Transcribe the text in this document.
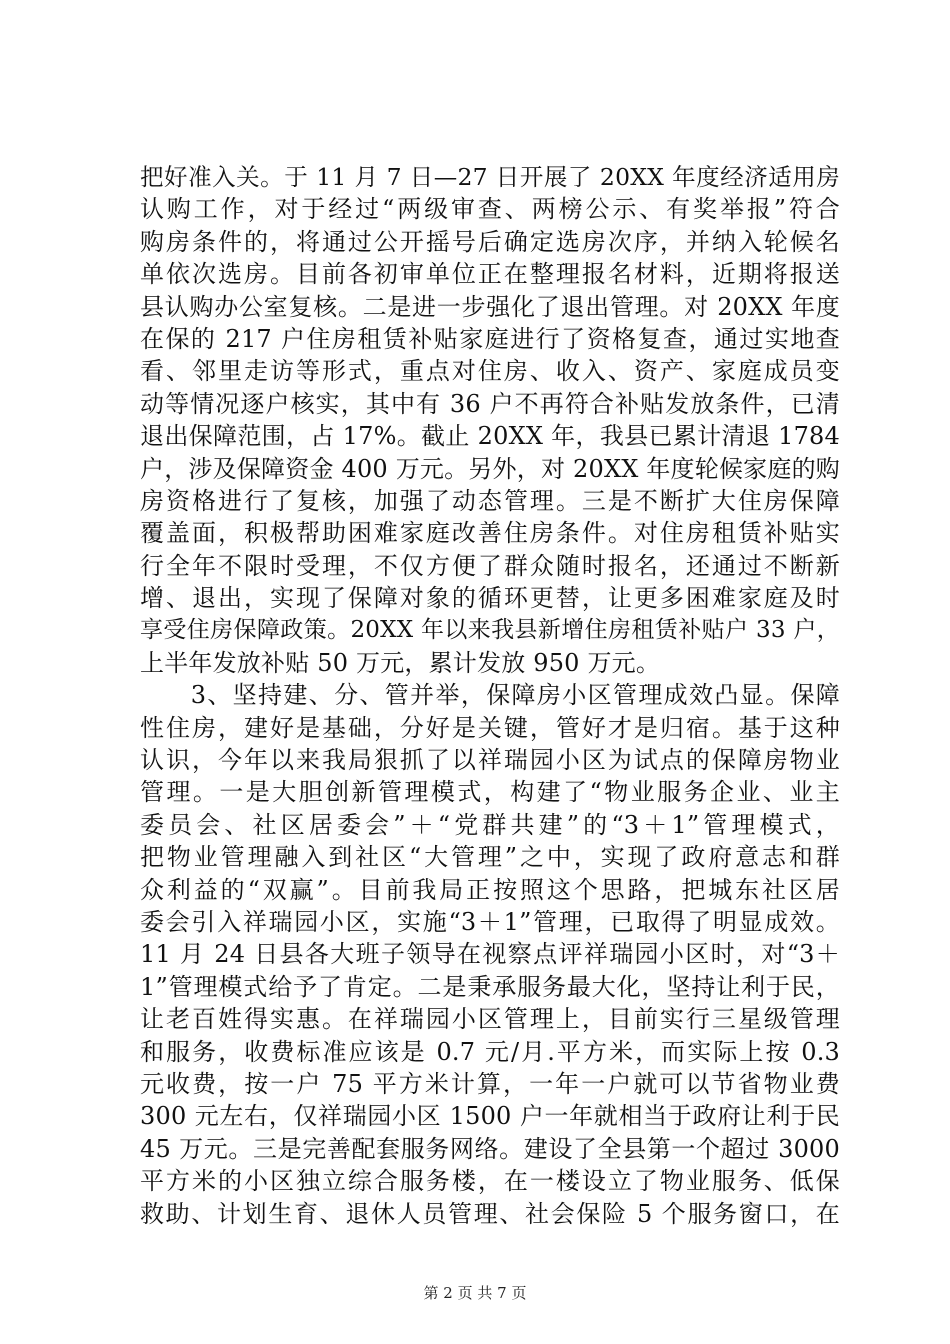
把好准入关。于 11 月 7 日—27 日开展了 20XX 年度经济适用房
认购工作，对于经过“两级审查、两榜公示、有奖举报”符合
购房条件的，将通过公开摇号后确定选房次序，并纳入轮候名
单依次选房。目前各初审单位正在整理报名材料，近期将报送
县认购办公室复核。二是进一步强化了退出管理。对 20XX 年度
在保的 217 户住房租赁补贴家庭进行了资格复查，通过实地查
看、邻里走访等形式，重点对住房、收入、资产、家庭成员变
动等情况逐户核实，其中有 36 户不再符合补贴发放条件，已清
退出保障范围，占 17%。截止 20XX 年，我县已累计清退 1784
户，涉及保障资金 400 万元。另外，对 20XX 年度轮候家庭的购
房资格进行了复核，加强了动态管理。三是不断扩大住房保障
覆盖面，积极帮助困难家庭改善住房条件。对住房租赁补贴实
行全年不限时受理，不仅方便了群众随时报名，还通过不断新
增、退出，实现了保障对象的循环更替，让更多困难家庭及时
享受住房保障政策。20XX 年以来我县新增住房租赁补贴户 33 户，
上半年发放补贴 50 万元，累计发放 950 万元。
　　3、坚持建、分、管并举，保障房小区管理成效凸显。保障
性住房，建好是基础，分好是关键，管好才是归宿。基于这种
认识，今年以来我局狠抓了以祥瑞园小区为试点的保障房物业
管理。一是大胆创新管理模式，构建了“物业服务企业、业主
委员会、社区居委会”＋“党群共建”的“3＋1”管理模式，
把物业管理融入到社区“大管理”之中，实现了政府意志和群
众利益的“双赢”。目前我局正按照这个思路，把城东社区居
委会引入祥瑞园小区，实施“3＋1”管理，已取得了明显成效。
11 月 24 日县各大班子领导在视察点评祥瑞园小区时，对“3＋
1”管理模式给予了肯定。二是秉承服务最大化，坚持让利于民，
让老百姓得实惠。在祥瑞园小区管理上，目前实行三星级管理
和服务，收费标准应该是 0.7 元/月.平方米，而实际上按 0.3
元收费，按一户 75 平方米计算，一年一户就可以节省物业费
300 元左右，仅祥瑞园小区 1500 户一年就相当于政府让利于民
45 万元。三是完善配套服务网络。建设了全县第一个超过 3000
平方米的小区独立综合服务楼，在一楼设立了物业服务、低保
救助、计划生育、退休人员管理、社会保险 5 个服务窗口，在
第 2 页 共 7 页
